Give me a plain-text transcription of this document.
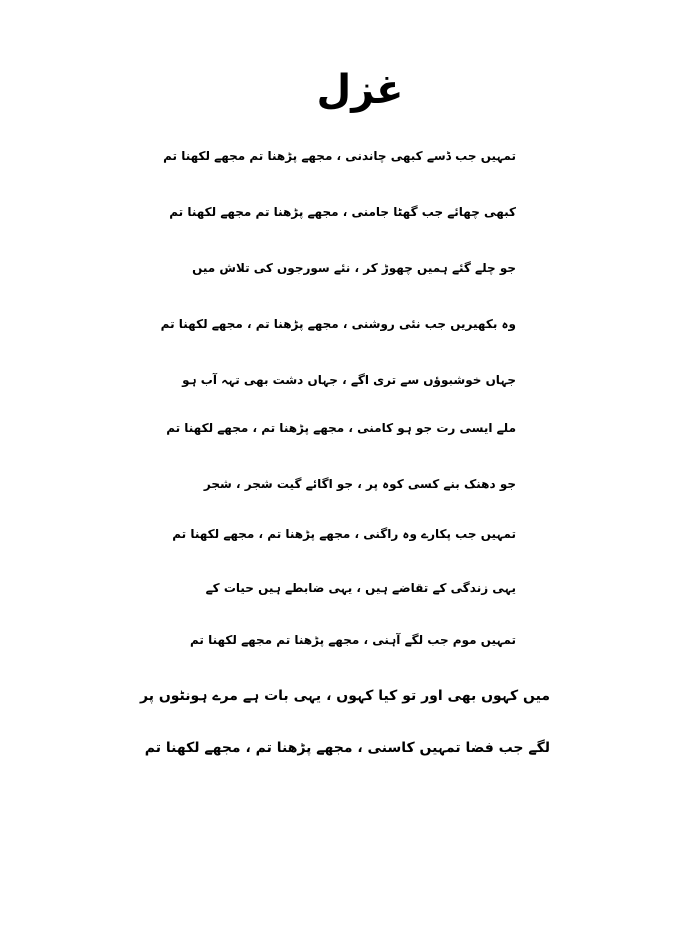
غزل
تمہیں جب ڈسے کبھی چاندنی ، مجھے پڑھنا تم مجھے لکھنا تم
کبھی چھائے جب گھٹا جامنی ، مجھے پڑھنا تم مجھے لکھنا تم
جو چلے گئے ہمیں چھوڑ کر ، نئے سورجوں کی تلاش میں
وہ بکھیریں جب نئی روشنی ، مجھے پڑھنا تم ، مجھے لکھنا تم
جہاں خوشبوؤں سے تری اگے ، جہاں دشت بھی تہہ آب ہو
ملے ایسی رت جو ہو کامنی ، مجھے پڑھنا تم ، مجھے لکھنا تم
جو دھنک بنے کسی کوہ پر ، جو اگائے گیت شجر ، شجر
تمہیں جب پکارے وہ راگنی ، مجھے پڑھنا تم ، مجھے لکھنا تم
یہی زندگی کے تقاضے ہیں ، یہی ضابطے ہیں حیات کے
تمہیں موم جب لگے آہنی ، مجھے پڑھنا تم مجھے لکھنا تم
میں کہوں بھی اور تو کیا کہوں ، یہی بات ہے مرے ہونٹوں پر
لگے جب فضا تمہیں کاسنی ، مجھے پڑھنا تم ، مجھے لکھنا تم
